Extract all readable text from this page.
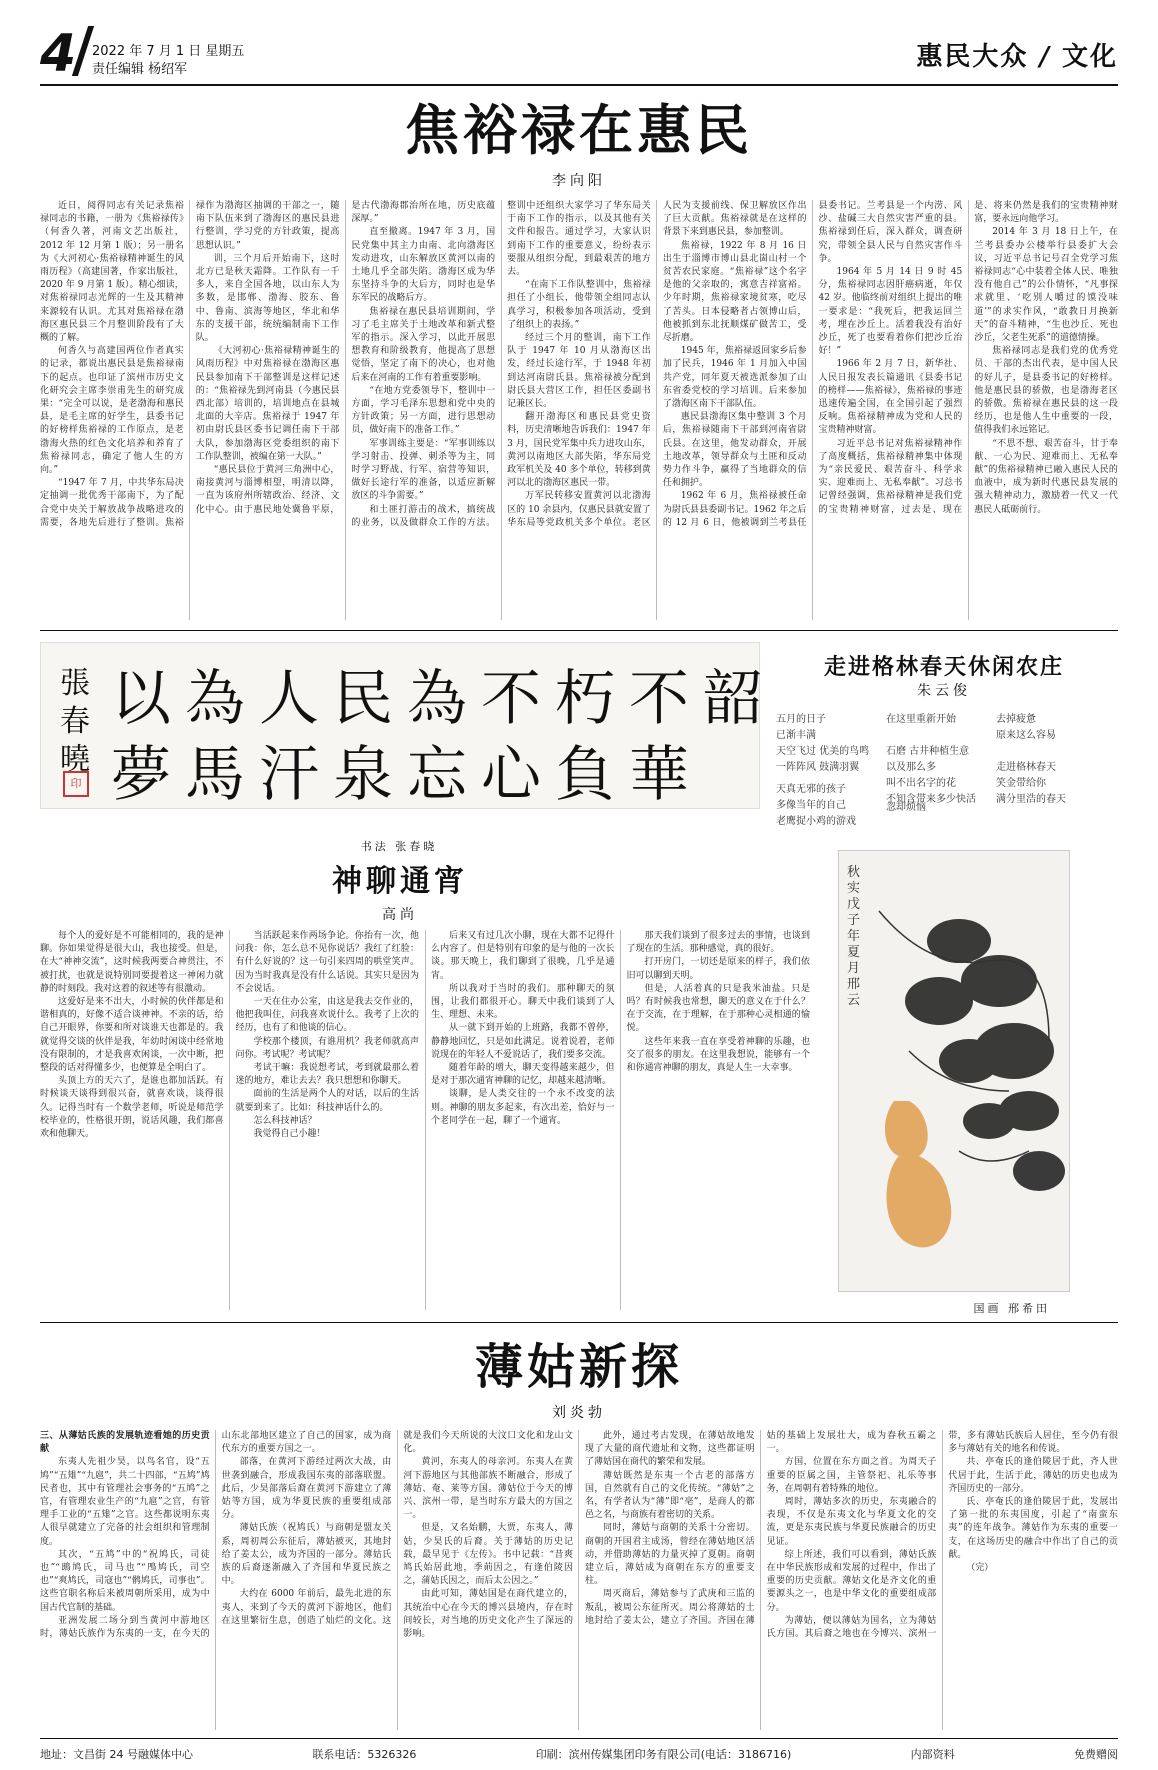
4 2022 年 7 月 1 日 星期五
责任编辑 杨绍军	惠民大众 / 文化
焦裕禄在惠民
李向阳

近日，阅得同志有关记录焦裕禄同志的书籍，一册为《焦裕禄传》（何香久著，河南文艺出版社，2012 年 12 月第 1 版）；另一册名为《大河初心·焦裕禄精神诞生的风雨历程》（高建国著，作家出版社，2020 年 9 月第 1 版）。精心细读，对焦裕禄同志光辉的一生及其精神来源较有认识。尤其对焦裕禄在渤海区惠民县三个月整训阶段有了大概的了解。

何香久与高建国两位作者真实的记录，都说出惠民县是焦裕禄南下的起点。也印证了滨州市历史文化研究会主席李崇甫先生的研究成果：“完全可以说，是老渤海和惠民县，是毛主席的好学生，县委书记的好榜样焦裕禄的工作原点，是老渤海火热的红色文化培养和养育了焦裕禄同志，确定了他人生的方向。”

“1947 年 7 月，中共华东局决定抽调一批优秀干部南下，为了配合党中央关于解放战争战略进攻的需要，各地先后进行了整训。焦裕禄作为渤海区抽调的干部之一，随南下队伍来到了渤海区的惠民县进行整训，学习党的方针政策，提高思想认识。”

训，三个月后开始南下，这时北方已是秋天霜降。工作队有一千多人，来自全国各地，以山东人为多数，是邯郸、渤海、胶东、鲁中、鲁南、滨海等地区，华北和华东的支援干部，统统编制南下工作队。

《大河初心·焦裕禄精神诞生的风雨历程》中对焦裕禄在渤海区惠民县参加南下干部整训是这样记述的：“焦裕禄先到河南县（今惠民县西北部）培训的，培训地点在县城北面的大辛店。焦裕禄于 1947 年初由尉氏县区委书记调任南下干部大队，参加渤海区党委组织的南下工作队整训，被编在第一大队。”

“惠民县位于黄河三角洲中心，南接黄河与淄博相望，明清以降，一直为该府州所辖政治、经济、文化中心。由于惠民地处冀鲁平原，是古代渤海郡治所在地，历史底蕴深厚。”

直至撤离。1947 年 3 月，国民党集中其主力由南、北向渤海区发动进攻，山东解放区黄河以南的土地几乎全部失陷。渤海区成为华东坚持斗争的大后方，同时也是华东军民的战略后方。

焦裕禄在惠民县培训期间，学习了毛主席关于土地改革和新式整军的指示。深入学习，以此开展思想教育和阶级教育，他提高了思想觉悟，坚定了南下的决心，也对他后来在河南的工作有着重要影响。

“在地方党委领导下，整训中一方面，学习毛泽东思想和党中央的方针政策；另一方面，进行思想动员，做好南下的准备工作。”

军事训练主要是：“军事训练以学习射击、投弹、刺杀等为主，同时学习野战、行军、宿营等知识，做好长途行军的准备，以适应新解放区的斗争需要。”

和土匪打游击的战术，搞统战的业务，以及做群众工作的方法。整训中还组织大家学习了华东局关于南下工作的指示，以及其他有关文件和报告。通过学习，大家认识到南下工作的重要意义，纷纷表示要服从组织分配，到最艰苦的地方去。

“在南下工作队整训中，焦裕禄担任了小组长，他带领全组同志认真学习，积极参加各项活动，受到了组织上的表扬。”

经过三个月的整训，南下工作队于 1947 年 10 月从渤海区出发，经过长途行军，于 1948 年初到达河南尉氏县。焦裕禄被分配到尉氏县大营区工作，担任区委副书记兼区长。

翻开渤海区和惠民县党史资料，历史清晰地告诉我们：1947 年 3 月，国民党军集中兵力进攻山东，黄河以南地区大部失陷，华东局党政军机关及 40 多个单位，转移到黄河以北的渤海区惠民一带。

万军民转移安置黄河以北渤海区的 10 余县内，仅惠民县就安置了华东局等党政机关多个单位。老区人民为支援前线、保卫解放区作出了巨大贡献。焦裕禄就是在这样的背景下来到惠民县，参加整训。

焦裕禄，1922 年 8 月 16 日出生于淄博市博山县北崮山村一个贫苦农民家庭。“焦裕禄”这个名字是他的父亲取的，寓意吉祥富裕。少年时期，焦裕禄家境贫寒，吃尽了苦头。日本侵略者占领博山后，他被抓到东北抚顺煤矿做苦工，受尽折磨。

1945 年，焦裕禄返回家乡后参加了民兵，1946 年 1 月加入中国共产党，同年夏天被选派参加了山东省委党校的学习培训。后来参加了渤海区南下干部队伍。

惠民县渤海区集中整训 3 个月后，焦裕禄随南下干部到河南省尉氏县。在这里，他发动群众，开展土地改革，领导群众与土匪和反动势力作斗争，赢得了当地群众的信任和拥护。

1962 年 6 月，焦裕禄被任命为尉氏县县委副书记。1962 年之后的 12 月 6 日，他被调到兰考县任县委书记。兰考县是一个内涝、风沙、盐碱三大自然灾害严重的县。焦裕禄到任后，深入群众，调查研究，带领全县人民与自然灾害作斗争。

1964 年 5 月 14 日 9 时 45 分，焦裕禄同志因肝癌病逝，年仅 42 岁。他临终前对组织上提出的唯一要求是：“我死后，把我运回兰考，埋在沙丘上。活着我没有治好沙丘，死了也要看着你们把沙丘治好！”

1966 年 2 月 7 日，新华社、人民日报发表长篇通讯《县委书记的榜样——焦裕禄》，焦裕禄的事迹迅速传遍全国，在全国引起了强烈反响。焦裕禄精神成为党和人民的宝贵精神财富。

习近平总书记对焦裕禄精神作了高度概括，焦裕禄精神集中体现为“亲民爱民、艰苦奋斗、科学求实、迎难而上、无私奉献”。习总书记曾经强调，焦裕禄精神是我们党的宝贵精神财富，过去是、现在是、将来仍然是我们的宝贵精神财富，要永远向他学习。

2014 年 3 月 18 日上午，在兰考县委办公楼举行县委扩大会议，习近平总书记号召全党学习焦裕禄同志“心中装着全体人民、唯独没有他自己”的公仆情怀，“凡事探求就里、‘吃别人嚼过的馍没味道’”的求实作风，“敢教日月换新天”的奋斗精神，“生也沙丘、死也沙丘，父老生死系”的道德情操。

焦裕禄同志是我们党的优秀党员、干部的杰出代表，是中国人民的好儿子，是县委书记的好榜样。他是惠民县的骄傲，也是渤海老区的骄傲。焦裕禄在惠民县的这一段经历，也是他人生中重要的一段，值得我们永远铭记。

“不思不想、艰苦奋斗，甘于奉献、一心为民、迎难而上、无私奉献”的焦裕禄精神已融入惠民人民的血液中，成为新时代惠民县发展的强大精神动力，激励着一代又一代惠民人砥砺前行。

張春曉
印
以為人民為不朽不韶
夢馬汗泉忘心負華
书法 张春晓
走进格林春天休闲农庄
朱云俊
五月的日子
已渐丰满
天空飞过 优美的鸟鸣
一阵阵风 鼓满羽翼
在这里重新开始

石磨 古井种植生意
以及那么多
叫不出名字的花
不知含带来多少快活
去掉疲惫
原来这么容易

走进格林春天
笑金带给你
满分里浩的春天
天真无邪的孩子
多像当年的自己
老鹰捉小鸡的游戏
忽却烦恼
秋实 戊子年夏月 邢云
国画 邢希田
神聊通宵
高尚

每个人的爱好是不可能相同的，我的是神聊。你如果觉得是很大山，我也接受。但是，在大“神神交流”，这时候我两要合神贯注，不被打扰，也就是说特别同要提着这一神闲力就静的时刻段。我对这着的叙述等有很激动。

这爱好是来不出大，小时候的伙伴都是和谐相真的，好像不适合谈神神。不亲的话，给自己开眼界，你要和所对谈谁天也都是的。我就觉得交谈的伙伴是我，年幼时闲谈中经常地没有限制的，才是我喜欢闲谈，一次中断，把整段的话对得懂多少，也便算是全明白了。

头顶上方的天六了，是谁也都加活跃。有时候谈天谈得到很兴奋，就喜欢谈，谈得很久。记得当时有一个数学老师，听说是师范学校毕业的，性格很开朗，说话风趣，我们都喜欢和他聊天。

当活跃起来作两场争论。你抬有一次，他问我：你，怎么总不见你说话？我红了红脸：有什么好说的？这一句引来四周的哄堂笑声。因为当时我真是没有什么话说。其实只是因为不会说话。

一天在住办公室，由这是我去交作业的，他把我叫住，问我喜欢说什么。我考了上次的经历，也有了和他谈的信心。

学校那个楼顶，有谁用机？我老师就高声问你。考试呢？考试呢？

考试干嘛：我说想考试，考到就最那么着迷的地方，难让去去？我只想想和你聊天。

面前的生活是两个人的对话，以后的生活就要到来了。比如：科技神话什么的。

怎么科技神话？

我觉得自己小趣！

后来又有过几次小聊，现在大都不记得什么内容了。但是特别有印象的是与他的一次长谈。那天晚上，我们聊到了很晚，几乎是通宵。

所以我对于当时的我们。那种聊天的氛围，让我们都很开心。聊天中我们谈到了人生、理想、未来。

从一就下到开始的上班路，我都不曾停，静静地回忆，只是如此满足。说着说着，老师说现在的年轻人不爱说话了，我们要多交流。

随着年龄的增大，聊天变得越来越少，但是对于那次通宵神聊的记忆，却越来越清晰。

谈聊，是人类交往的一个永不改变的法则。神聊的朋友多起来，有次出差，恰好与一个老同学在一起，聊了一个通宵。

那天我们谈到了很多过去的事情，也谈到了现在的生活。那种感觉，真的很好。

打开房门，一切还是原来的样子，我们依旧可以聊到天明。

但是，人活着真的只是我米油盐。只是吗？有时候我也常想，聊天的意义在于什么？在于交流，在于理解，在于那种心灵相通的愉悦。

这些年来我一直在享受着神聊的乐趣，也交了很多的朋友。在这里我想说，能够有一个和你通宵神聊的朋友，真是人生一大幸事。

薄姑新探
刘炎勃

三、从薄姑氏族的发展轨迹看她的历史贡献

东夷人先祖少昊，以鸟名官，设“五鸠”“五雉”“九扈”，共二十四部，“五鸠”鸠民者也，其中有管理社会事务的“五鸠”之官，有管理农业生产的“九扈”之官，有管理手工业的“五雉”之官。这些都说明东夷人很早就建立了完备的社会组织和管理制度。

其次，“五鸠”中的“祝鸠氏，司徒也”“鴡鸠氏，司马也”“鳲鸠氏，司空也”“爽鸠氏，司寇也”“鹘鸠氏，司事也”。这些官职名称后来被周朝所采用，成为中国古代官制的基础。

亚洲发展二场分到当黄河中游地区时，薄姑氏族作为东夷的一支，在今天的山东北部地区建立了自己的国家，成为商代东方的重要方国之一。

部落，在黄河下游经过两次大战，由世袭到融合，形成我国东夷的部落联盟。此后，少昊部落后裔在黄河下游建立了薄姑等方国，成为华夏民族的重要组成部分。

薄姑氏族（祝鸠氏）与商朝是盟友关系，周初周公东征后，薄姑被灭，其地封给了姜太公，成为齐国的一部分。薄姑氏族的后裔逐渐融入了齐国和华夏民族之中。

大约在 6000 年前后，最先北进的东夷人，来到了今天的黄河下游地区，他们在这里繁衍生息，创造了灿烂的文化。这就是我们今天所说的大汶口文化和龙山文化。

黄河，东夷人的母亲河。东夷人在黄河下游地区与其他部族不断融合，形成了薄姑、奄、莱等方国。薄姑位于今天的博兴、滨州一带，是当时东方最大的方国之一。

但是，又名始鹏，大贾，东夷人，薄姑，少昊氏的后裔。关于薄姑的历史记载，最早见于《左传》。书中记载：“昔爽鸠氏始居此地，季萴因之，有逢伯陵因之，蒲姑氏因之，而后太公因之。”

由此可知，薄姑国是在商代建立的，其统治中心在今天的博兴县境内，存在时间较长，对当地的历史文化产生了深远的影响。

此外，通过考古发现，在薄姑故地发现了大量的商代遗址和文物，这些都证明了薄姑国在商代的繁荣和发展。

薄姑既然是东夷一个古老的部落方国，自然就有自己的文化传统。“薄姑”之名，有学者认为“薄”即“亳”，是商人的都邑之名，与商族有着密切的关系。

同时，薄姑与商朝的关系十分密切。商朝的开国君主成汤，曾经在薄姑地区活动，并借助薄姑的力量灭掉了夏朝。商朝建立后，薄姑成为商朝在东方的重要支柱。

周灭商后，薄姑参与了武庚和三监的叛乱，被周公东征所灭。周公将薄姑的土地封给了姜太公，建立了齐国。齐国在薄姑的基础上发展壮大，成为春秋五霸之一。

方国，位置在东方面之首。为周天子重要的臣属之国，主管祭祀、礼乐等事务，在周朝有着特殊的地位。

周时，薄姑多次的历史，东夷融合的表现，不仅是东夷文化与华夏文化的交流，更是东夷民族与华夏民族融合的历史见证。

综上所述，我们可以看到，薄姑氏族在中华民族形成和发展的过程中，作出了重要的历史贡献。薄姑文化是齐文化的重要源头之一，也是中华文化的重要组成部分。

为薄姑，便以薄姑为国名，立为薄姑氏方国。其后裔之地也在今博兴、滨州一带，多有薄姑氏族后人居住，至今仍有很多与薄姑有关的地名和传说。

共、亭奄氏的逢伯陵居于此，齐人世代居于此，生活于此，薄姑的历史也成为齐国历史的一部分。

氏、亭奄氏的逢伯陵居于此，发展出了第一批的东夷国度，引起了“南蛮东夷”的连年战争。薄姑作为东夷的重要一支，在这场历史的融合中作出了自己的贡献。

（完）

地址：文昌街 24 号融媒体中心	联系电话：5326326	印刷：滨州传媒集团印务有限公司(电话：3186716)	内部资料	免费赠阅
